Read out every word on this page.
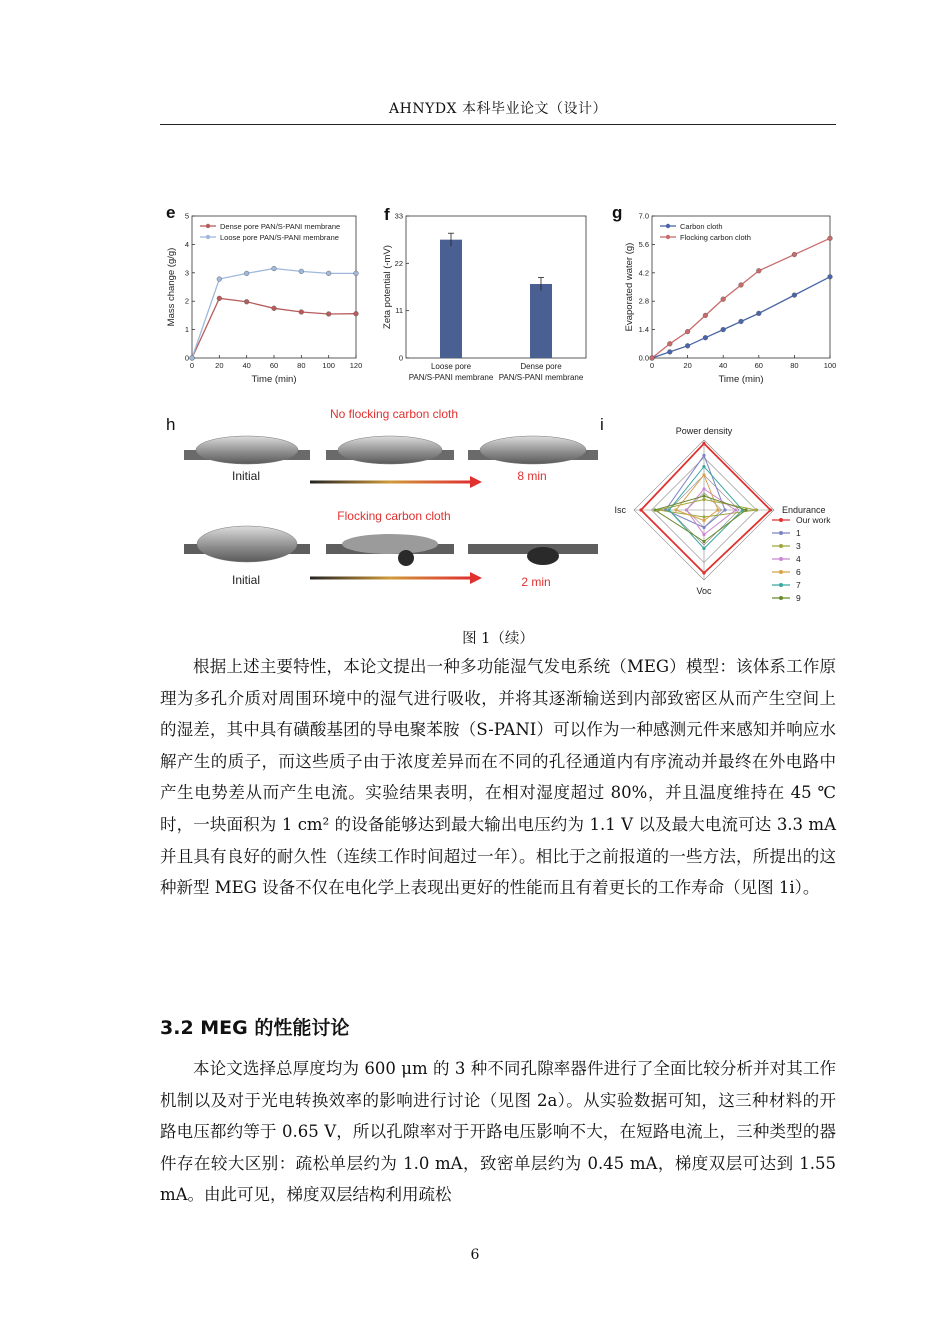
AHNYDX 本科毕业论文（设计）
0	20	40	60	80 100 120
0
1
2
3
4
5
Time (min)
Mass change (g/g)
Dense pore PAN/S-PANI membrane
Loose pore PAN/S-PANI membrane
e
0	20	40	60	80	100
0.0
1.4
2.8
4.2
5.6
7.0
Time (min)
Evaporated water (g)
Carbon cloth
Flocking carbon cloth
g
0
11
22
33
Loose pore
PAN/S-PANI membrane
Dense pore
PAN/S-PANI membrane
Zeta potential (-mV)
f
h
No flocking carbon cloth
Flocking carbon cloth
Initial
Initial
8 min
2 min
i	Power density
Endurance
Voc
Isc
Our work
1
3
4
6
7
9
图 1（续）

根据上述主要特性，本论文提出一种多功能湿气发电系统（MEG）模型：该体系工作原理为多孔介质对周围环境中的湿气进行吸收，并将其逐渐输送到内部致密区从而产生空间上的湿差，其中具有磺酸基团的导电聚苯胺（S-PANI）可以作为一种感测元件来感知并响应水解产生的质子，而这些质子由于浓度差异而在不同的孔径通道内有序流动并最终在外电路中产生电势差从而产生电流。实验结果表明，在相对湿度超过 80%，并且温度维持在 45 ℃时，一块面积为 1 cm² 的设备能够达到最大输出电压约为 1.1 V 以及最大电流可达 3.3 mA 并且具有良好的耐久性（连续工作时间超过一年）。相比于之前报道的一些方法，所提出的这种新型 MEG 设备不仅在电化学上表现出更好的性能而且有着更长的工作寿命（见图 1i）。

3.2 MEG 的性能讨论

本论文选择总厚度均为 600 μm 的 3 种不同孔隙率器件进行了全面比较分析并对其工作机制以及对于光电转换效率的影响进行讨论（见图 2a）。从实验数据可知，这三种材料的开路电压都约等于 0.65 V，所以孔隙率对于开路电压影响不大，在短路电流上，三种类型的器件存在较大区别：疏松单层约为 1.0 mA，致密单层约为 0.45 mA，梯度双层可达到 1.55 mA。由此可见，梯度双层结构利用疏松

6
